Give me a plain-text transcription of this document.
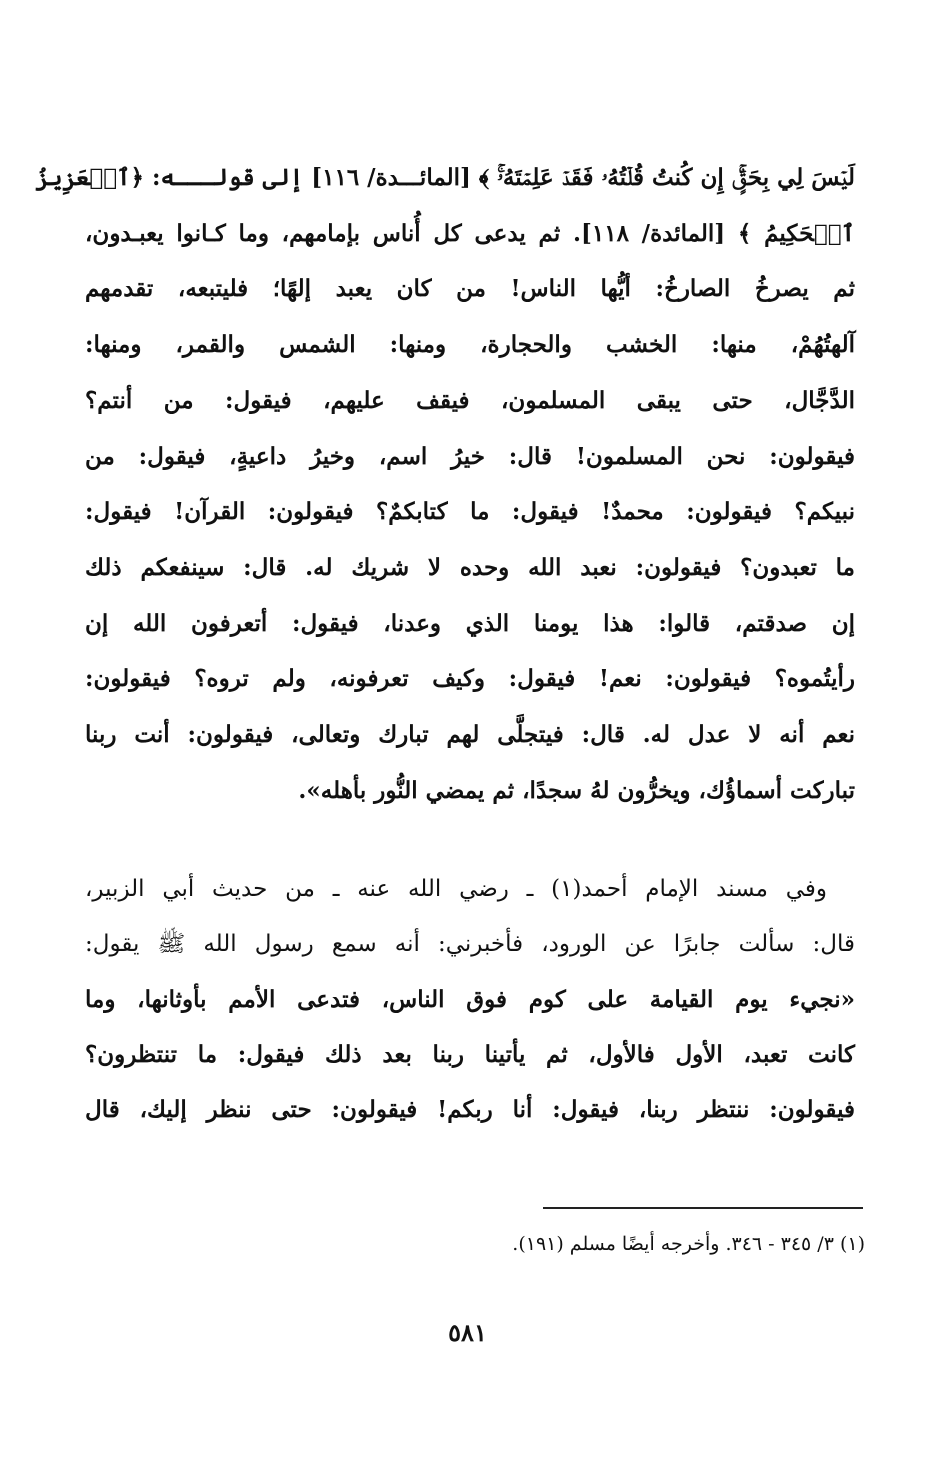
لَيۡسَ لِي بِحَقٍّۚ إِن كُنتُ قُلۡتُهُۥ فَقَدۡ عَلِمۡتَهُۥۚ ﴾ [المائـــدة/ ١١٦] إلى قولـــه: ﴿ٱلۡعَزِيزُ
ٱلۡحَكِيمُ ﴾ [المائدة/ ١١٨]. ثم يدعى كل أُناس بإمامهم، وما كـانوا يعبـدون،
ثم يصرخُ الصارخُ: أيُّها الناس! من كان يعبد إلهًا؛ فليتبعه، تقدمهم
آلهتُهُمْ، منها: الخشب والحجارة، ومنها: الشمس والقمر، ومنها:
الدَّجَّال، حتى يبقى المسلمون، فيقف عليهم، فيقول: من أنتم؟
فيقولون: نحن المسلمون! قال: خيرُ اسم، وخيرُ داعيةٍ، فيقول: من
نبيكم؟ فيقولون: محمدٌ! فيقول: ما كتابكمٌ؟ فيقولون: القرآن! فيقول:
ما تعبدون؟ فيقولون: نعبد الله وحده لا شريك له. قال: سينفعكم ذلك
إن صدقتم، قالوا: هذا يومنا الذي وعدنا، فيقول: أتعرفون الله إن
رأيتُموه؟ فيقولون: نعم! فيقول: وكيف تعرفونه، ولم تروه؟ فيقولون:
نعم أنه لا عدل له. قال: فيتجلَّى لهم تبارك وتعالى، فيقولون: أنت ربنا
تباركت أسماؤُك، ويخرُّون لهُ سجدًا، ثم يمضي النُّور بأهله».
وفي مسند الإمام أحمد(١) ـ رضي الله عنه ـ من حديث أبي الزبير،
قال: سألت جابرًا عن الورود، فأخبرني: أنه سمع رسول الله ﷺ يقول:
«نجيء يوم القيامة على كوم فوق الناس، فتدعى الأمم بأوثانها، وما
كانت تعبد، الأول فالأول، ثم يأتينا ربنا بعد ذلك فيقول: ما تنتظرون؟
فيقولون: ننتظر ربنا، فيقول: أنا ربكم! فيقولون: حتى ننظر إليك، قال
(١) ٣/ ٣٤٥ - ٣٤٦. وأخرجه أيضًا مسلم (١٩١).
٥٨١
